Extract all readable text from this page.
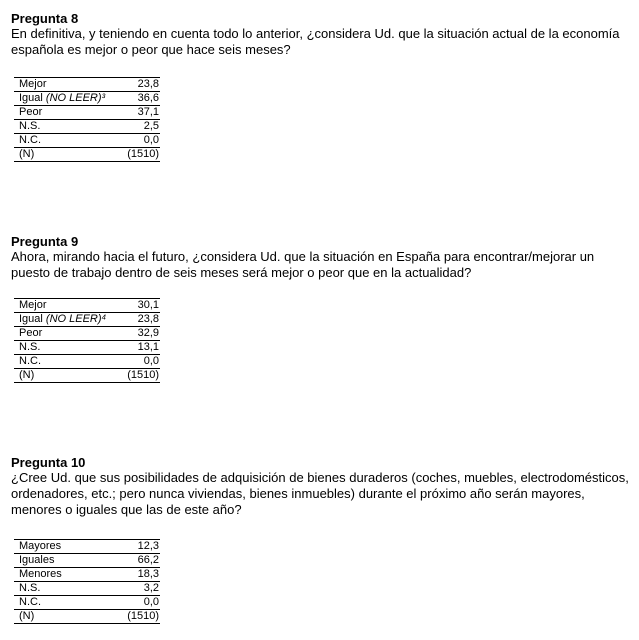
Pregunta 8

En definitiva, y teniendo en cuenta todo lo anterior, ¿considera Ud. que la situación actual de la economía española es mejor o peor que hace seis meses?

Mejor	23,8
Igual (NO LEER)³	36,6
Peor	37,1
N.S.	2,5
N.C.	0,0
(N)	(1510)

Pregunta 9

Ahora, mirando hacia el futuro, ¿considera Ud. que la situación en España para encontrar/mejorar un puesto de trabajo dentro de seis meses será mejor o peor que en la actualidad?

Mejor	30,1
Igual (NO LEER)⁴	23,8
Peor	32,9
N.S.	13,1
N.C.	0,0
(N)	(1510)

Pregunta 10

¿Cree Ud. que sus posibilidades de adquisición de bienes duraderos (coches, muebles, electrodomésticos, ordenadores, etc.; pero nunca viviendas, bienes inmuebles) durante el próximo año serán mayores, menores o iguales que las de este año?

Mayores	12,3
Iguales	66,2
Menores	18,3
N.S.	3,2
N.C.	0,0
(N)	(1510)
